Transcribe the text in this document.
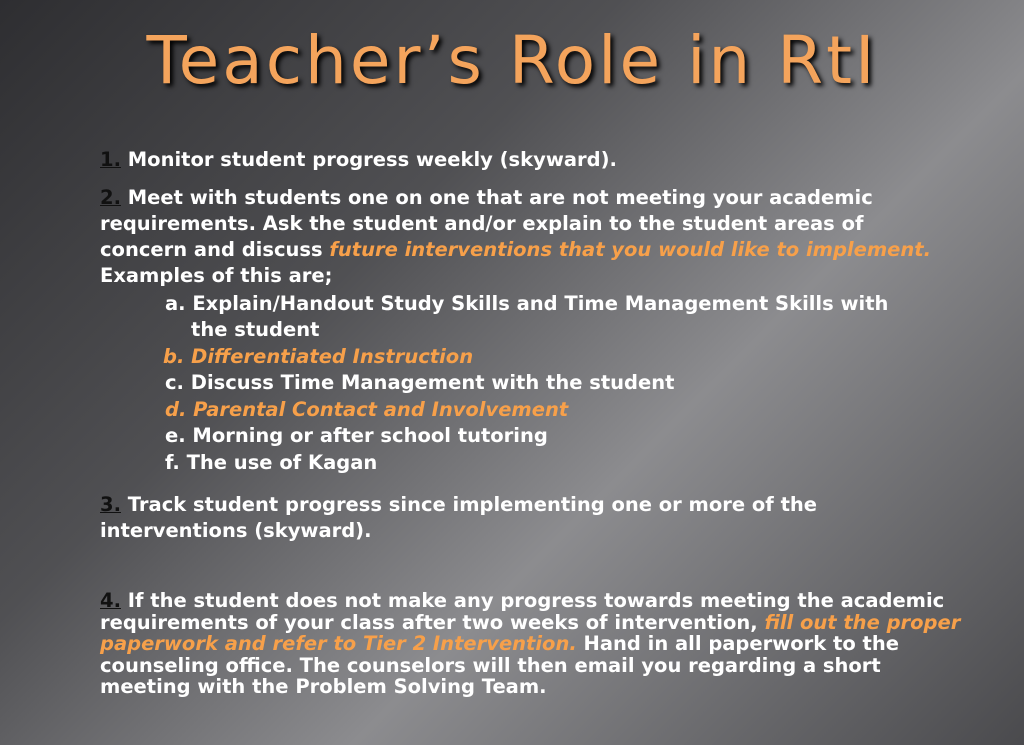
Teacher’s Role in RtI
1. Monitor student progress weekly (skyward).
2. Meet with students one on one that are not meeting your academic
requirements. Ask the student and/or explain to the student areas of
concern and discuss future interventions that you would like to implement.
Examples of this are;
a. Explain/Handout Study Skills and Time Management Skills with
the student
b. Differentiated Instruction
c. Discuss Time Management with the student
d. Parental Contact and Involvement
e. Morning or after school tutoring
f. The use of Kagan
3. Track student progress since implementing one or more of the
interventions (skyward).
4. If the student does not make any progress towards meeting the academic
requirements of your class after two weeks of intervention, fill out the proper
paperwork and refer to Tier 2 Intervention. Hand in all paperwork to the
counseling office. The counselors will then email you regarding a short
meeting with the Problem Solving Team.
